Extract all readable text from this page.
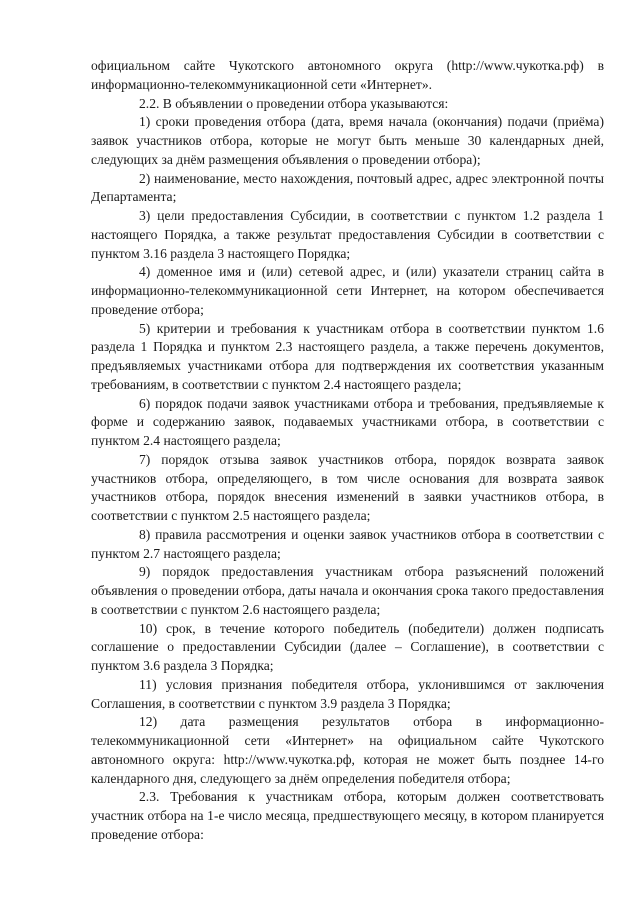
официальном сайте Чукотского автономного округа (http://www.чукотка.рф) в информационно-телекоммуникационной сети «Интернет».

2.2. В объявлении о проведении отбора указываются:

1) сроки проведения отбора (дата, время начала (окончания) подачи (приёма) заявок участников отбора, которые не могут быть меньше 30 календарных дней, следующих за днём размещения объявления о проведении отбора);

2) наименование, место нахождения, почтовый адрес, адрес электронной почты Департамента;

3) цели предоставления Субсидии, в соответствии с пунктом 1.2 раздела 1 настоящего Порядка, а также результат предоставления Субсидии в соответствии с пунктом 3.16 раздела 3 настоящего Порядка;

4) доменное имя и (или) сетевой адрес, и (или) указатели страниц сайта в информационно-телекоммуникационной сети Интернет, на котором обеспечивается проведение отбора;

5) критерии и требования к участникам отбора в соответствии пунктом 1.6 раздела 1 Порядка и пунктом 2.3 настоящего раздела, а также перечень документов, предъявляемых участниками отбора для подтверждения их соответствия указанным требованиям, в соответствии с пунктом 2.4 настоящего раздела;

6) порядок подачи заявок участниками отбора и требования, предъявляемые к форме и содержанию заявок, подаваемых участниками отбора, в соответствии с пунктом 2.4 настоящего раздела;

7) порядок отзыва заявок участников отбора, порядок возврата заявок участников отбора, определяющего, в том числе основания для возврата заявок участников отбора, порядок внесения изменений в заявки участников отбора, в соответствии с пунктом 2.5 настоящего раздела;

8) правила рассмотрения и оценки заявок участников отбора в соответствии с пунктом 2.7 настоящего раздела;

9) порядок предоставления участникам отбора разъяснений положений объявления о проведении отбора, даты начала и окончания срока такого предоставления в соответствии с пунктом 2.6 настоящего раздела;

10) срок, в течение которого победитель (победители) должен подписать соглашение о предоставлении Субсидии (далее – Соглашение), в соответствии с пунктом 3.6 раздела 3 Порядка;

11) условия признания победителя отбора, уклонившимся от заключения Соглашения, в соответствии с пунктом 3.9 раздела 3 Порядка;

12) дата размещения результатов отбора в информационно-телекоммуникационной сети «Интернет» на официальном сайте Чукотского автономного округа: http://www.чукотка.рф, которая не может быть позднее 14-го календарного дня, следующего за днём определения победителя отбора;

2.3. Требования к участникам отбора, которым должен соответствовать участник отбора на 1-е число месяца, предшествующего месяцу, в котором планируется проведение отбора:
